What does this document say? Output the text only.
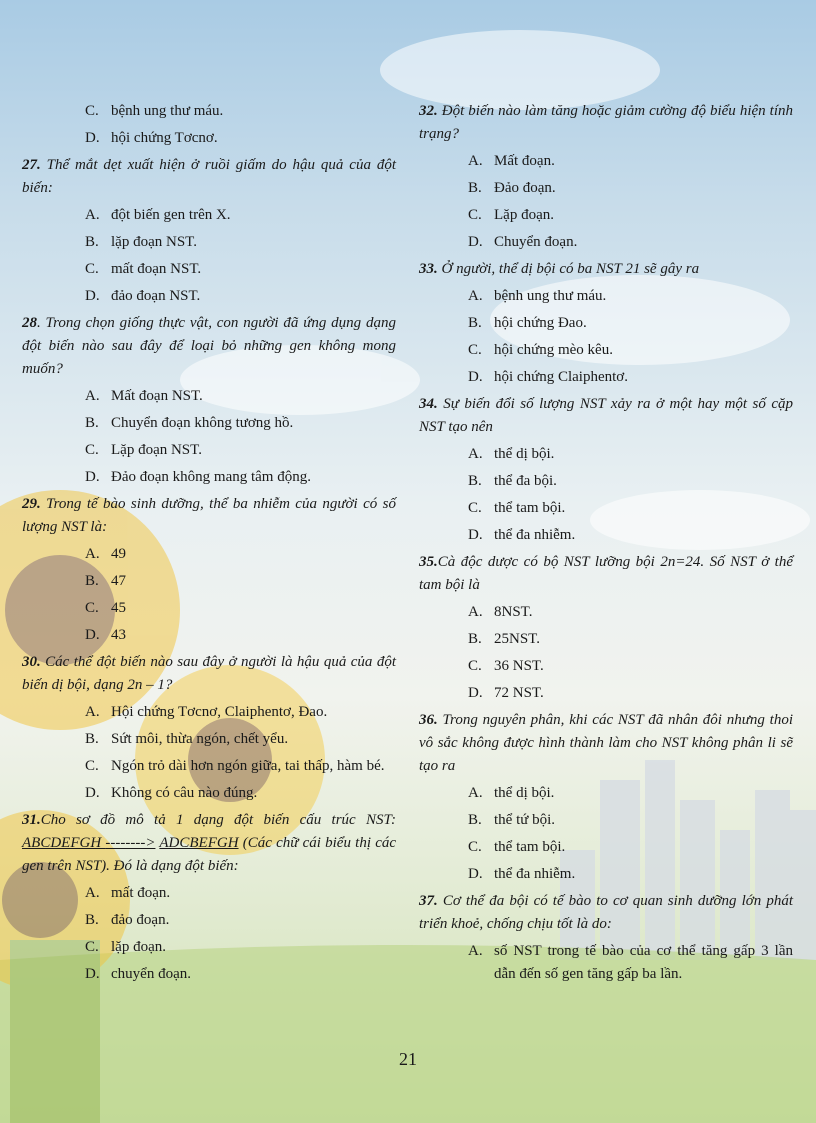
C. bệnh ung thư máu.
D. hội chứng Tơcnơ.

27. Thể mắt dẹt xuất hiện ở ruồi giấm do hậu quả của đột biến:

A. đột biến gen trên X.
B. lặp đoạn NST.
C. mất đoạn NST.
D. đảo đoạn NST.

28. Trong chọn giống thực vật, con người đã ứng dụng dạng đột biến nào sau đây để loại bỏ những gen không mong muốn?

A. Mất đoạn NST.
B. Chuyển đoạn không tương hồ.
C. Lặp đoạn NST.
D. Đảo đoạn không mang tâm động.

29. Trong tế bào sinh dưỡng, thể ba nhiễm của người có số lượng NST là:

A. 49
B. 47
C. 45
D. 43

30. Các thể đột biến nào sau đây ở người là hậu quả của đột biến dị bội, dạng 2n – 1?

A. Hội chứng Tơcnơ, Claiphentơ, Đao.
B. Sứt môi, thừa ngón, chết yểu.
C. Ngón trỏ dài hơn ngón giữa, tai thấp, hàm bé.
D. Không có câu nào đúng.

31.Cho sơ đồ mô tả 1 dạng đột biến cấu trúc NST: ABCDEFGH --------> ADCBEFGH (Các chữ cái biểu thị các gen trên NST). Đó là dạng đột biến:

A. mất đoạn.
B. đảo đoạn.
C. lặp đoạn.
D. chuyển đoạn.

32. Đột biến nào làm tăng hoặc giảm cường độ biểu hiện tính trạng?

A. Mất đoạn.
B. Đảo đoạn.
C. Lặp đoạn.
D. Chuyển đoạn.

33. Ở người, thể dị bội có ba NST 21 sẽ gây ra

A. bệnh ung thư máu.
B. hội chứng Đao.
C. hội chứng mèo kêu.
D. hội chứng Claiphentơ.

34. Sự biến đổi số lượng NST xảy ra ở một hay một số cặp NST tạo nên

A. thể dị bội.
B. thể đa bội.
C. thể tam bội.
D. thể đa nhiễm.

35.Cà độc dược có bộ NST lưỡng bội 2n=24. Số NST ở thể tam bội là

A. 8NST.
B. 25NST.
C. 36 NST.
D. 72 NST.

36. Trong nguyên phân, khi các NST đã nhân đôi nhưng thoi vô sắc không được hình thành làm cho NST không phân li sẽ tạo ra

A. thể dị bội.
B. thể tứ bội.
C. thể tam bội.
D. thể đa nhiễm.

37. Cơ thể đa bội có tế bào to cơ quan sinh dưỡng lớn phát triển khoẻ, chống chịu tốt là do:

A. số NST trong tế bào của cơ thể tăng gấp 3 lần dẫn đến số gen tăng gấp ba lần.
21
